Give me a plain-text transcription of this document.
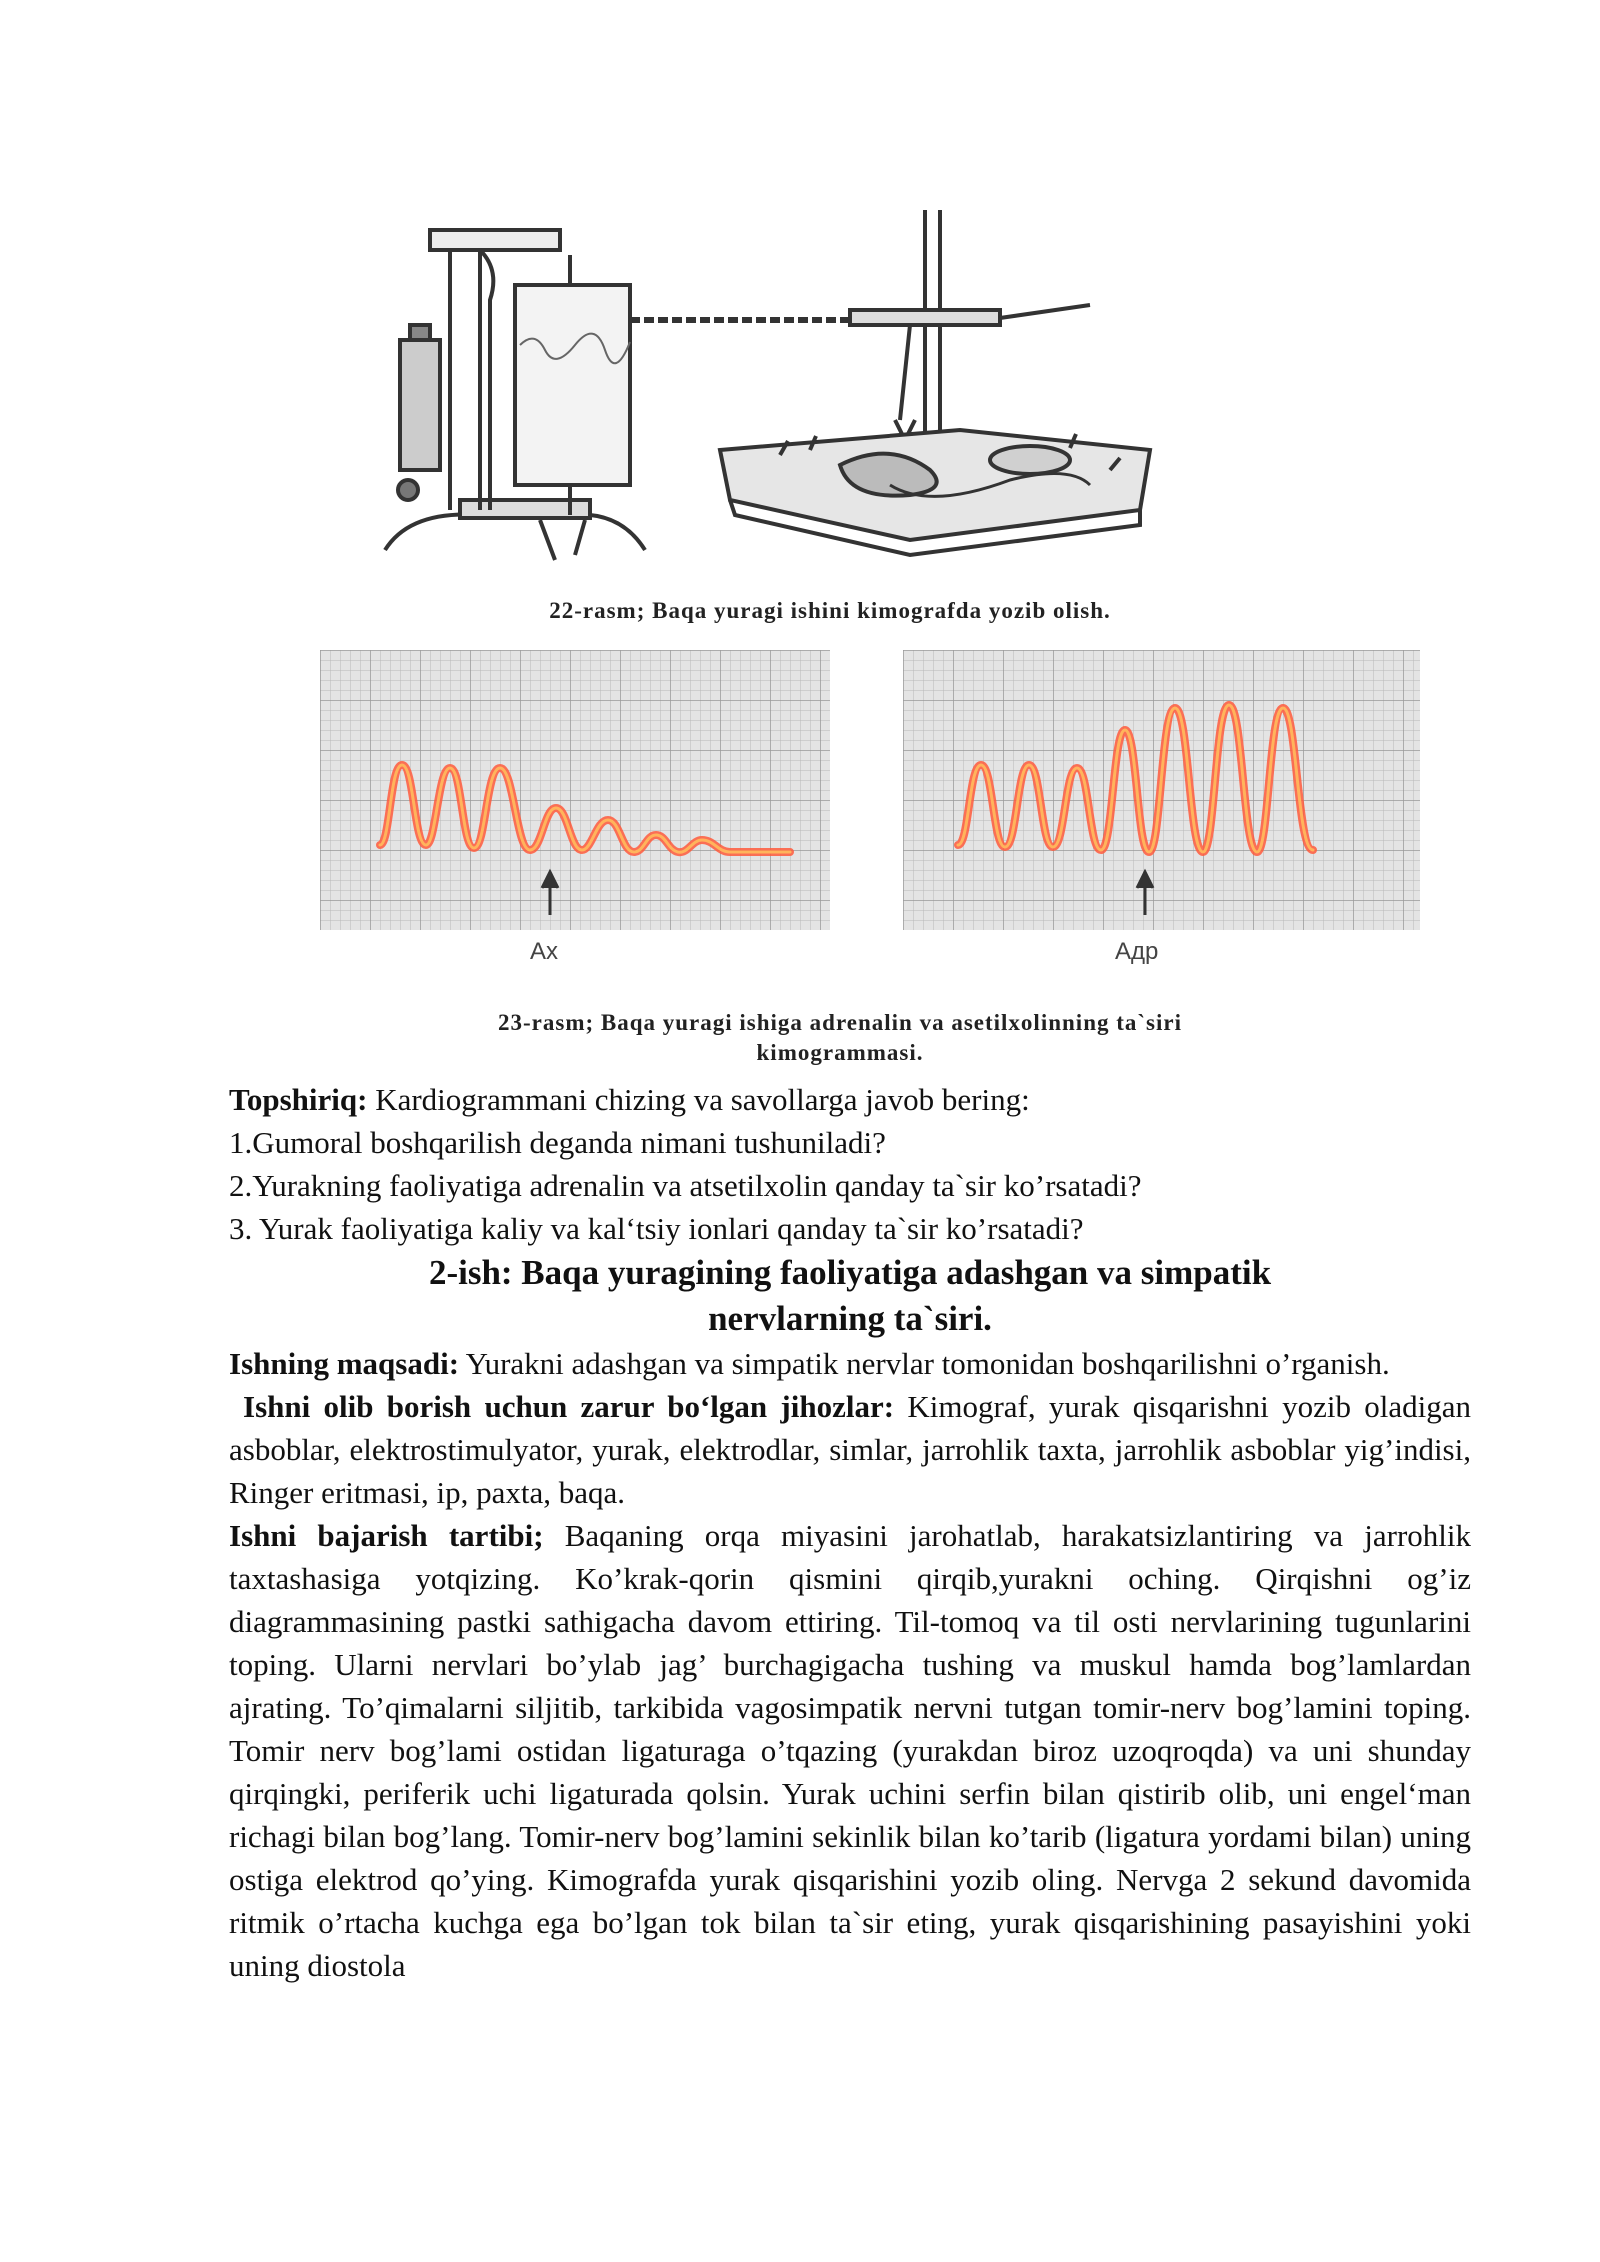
22-rasm; Baqa yuragi ishini kimografda yozib olish.
Ax	Aдр
23-rasm; Baqa yuragi ishiga adrenalin va asetilxolinning ta`siri
kimogrammasi.

Topshiriq: Kardiogrammani chizing va savollarga javob bering:

1.Gumoral boshqarilish deganda nimani tushuniladi?

2.Yurakning faoliyatiga adrenalin va atsetilxolin qanday ta`sir ko’rsatadi?

3. Yurak faoliyatiga kaliy va kal‘tsiy ionlari qanday ta`sir ko’rsatadi?

2-ish: Baqa yuragining faoliyatiga adashgan va simpatik
nervlarning ta`siri.

Ishning maqsadi: Yurakni adashgan va simpatik nervlar tomonidan boshqarilishni o’rganish.

Ishni olib borish uchun zarur bo‘lgan jihozlar: Kimograf, yurak qisqarishni yozib oladigan asboblar, elektrostimulyator, yurak, elektrodlar, simlar, jarrohlik taxta, jarrohlik asboblar yig’indisi, Ringer eritmasi, ip, paxta, baqa.

Ishni bajarish tartibi; Baqaning orqa miyasini jarohatlab, harakatsizlantiring va jarrohlik taxtashasiga yotqizing. Ko’krak-qorin qismini qirqib,yurakni oching. Qirqishni og’iz diagrammasining pastki sathigacha davom ettiring. Til-tomoq va til osti nervlarining tugunlarini toping. Ularni nervlari bo’ylab jag’ burchagigacha tushing va muskul hamda bog’lamlardan ajrating. To’qimalarni siljitib, tarkibida vagosimpatik nervni tutgan tomir-nerv bog’lamini toping. Tomir nerv bog’lami ostidan ligaturaga o’tqazing (yurakdan biroz uzoqroqda) va uni shunday qirqingki, periferik uchi ligaturada qolsin. Yurak uchini serfin bilan qistirib olib, uni engel‘man richagi bilan bog’lang. Tomir-nerv bog’lamini sekinlik bilan ko’tarib (ligatura yordami bilan) uning ostiga elektrod qo’ying. Kimografda yurak qisqarishini yozib oling. Nervga 2 sekund davomida ritmik o’rtacha kuchga ega bo’lgan tok bilan ta`sir eting, yurak qisqarishining pasayishini yoki uning diostola
